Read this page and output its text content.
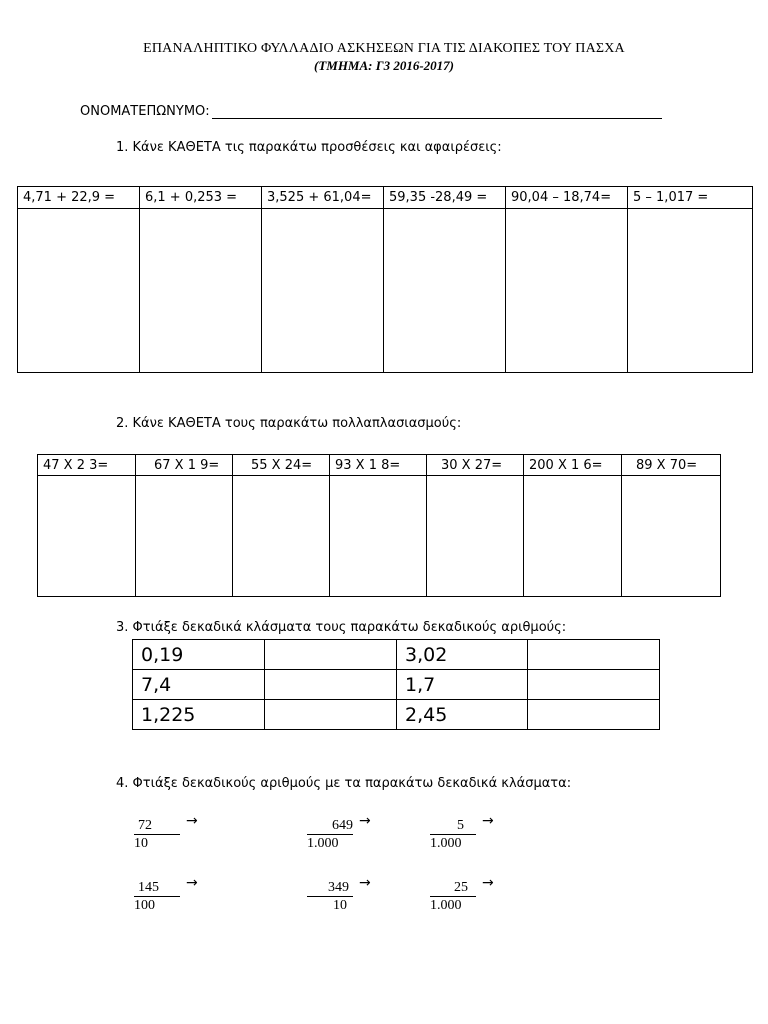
ΕΠΑΝΑΛΗΠΤΙΚΟ ΦΥΛΛΑΔΙΟ ΑΣΚΗΣΕΩΝ ΓΙΑ ΤΙΣ ΔΙΑΚΟΠΕΣ ΤΟΥ ΠΑΣΧΑ
(ΤΜΗΜΑ: Γ3 2016-2017)
ΟΝΟΜΑΤΕΠΩΝΥΜΟ:
1. Κάνε ΚΑΘΕΤΑ τις παρακάτω προσθέσεις και αφαιρέσεις:
4,71 + 22,9 =	6,1 + 0,253 =	3,525 + 61,04=	59,35 -28,49 =	90,04 – 18,74=	5 – 1,017 =

2. Κάνε ΚΑΘΕΤΑ τους παρακάτω πολλαπλασιασμούς:
47 Χ 2 3=	67 Χ 1 9=	55 Χ 24=	93 Χ 1 8=	30 Χ 27=	200 Χ 1 6=	89 Χ 70=

3. Φτιάξε δεκαδικά κλάσματα τους παρακάτω δεκαδικούς αριθμούς:
0,19		3,02	
7,4		1,7	
1,225		2,45	
4. Φτιάξε δεκαδικούς αριθμούς με τα παρακάτω δεκαδικά κλάσματα:
72
10
→	649
1.000
→	5
1.000
→
145
100
→	349
10
→	25
1.000
→
